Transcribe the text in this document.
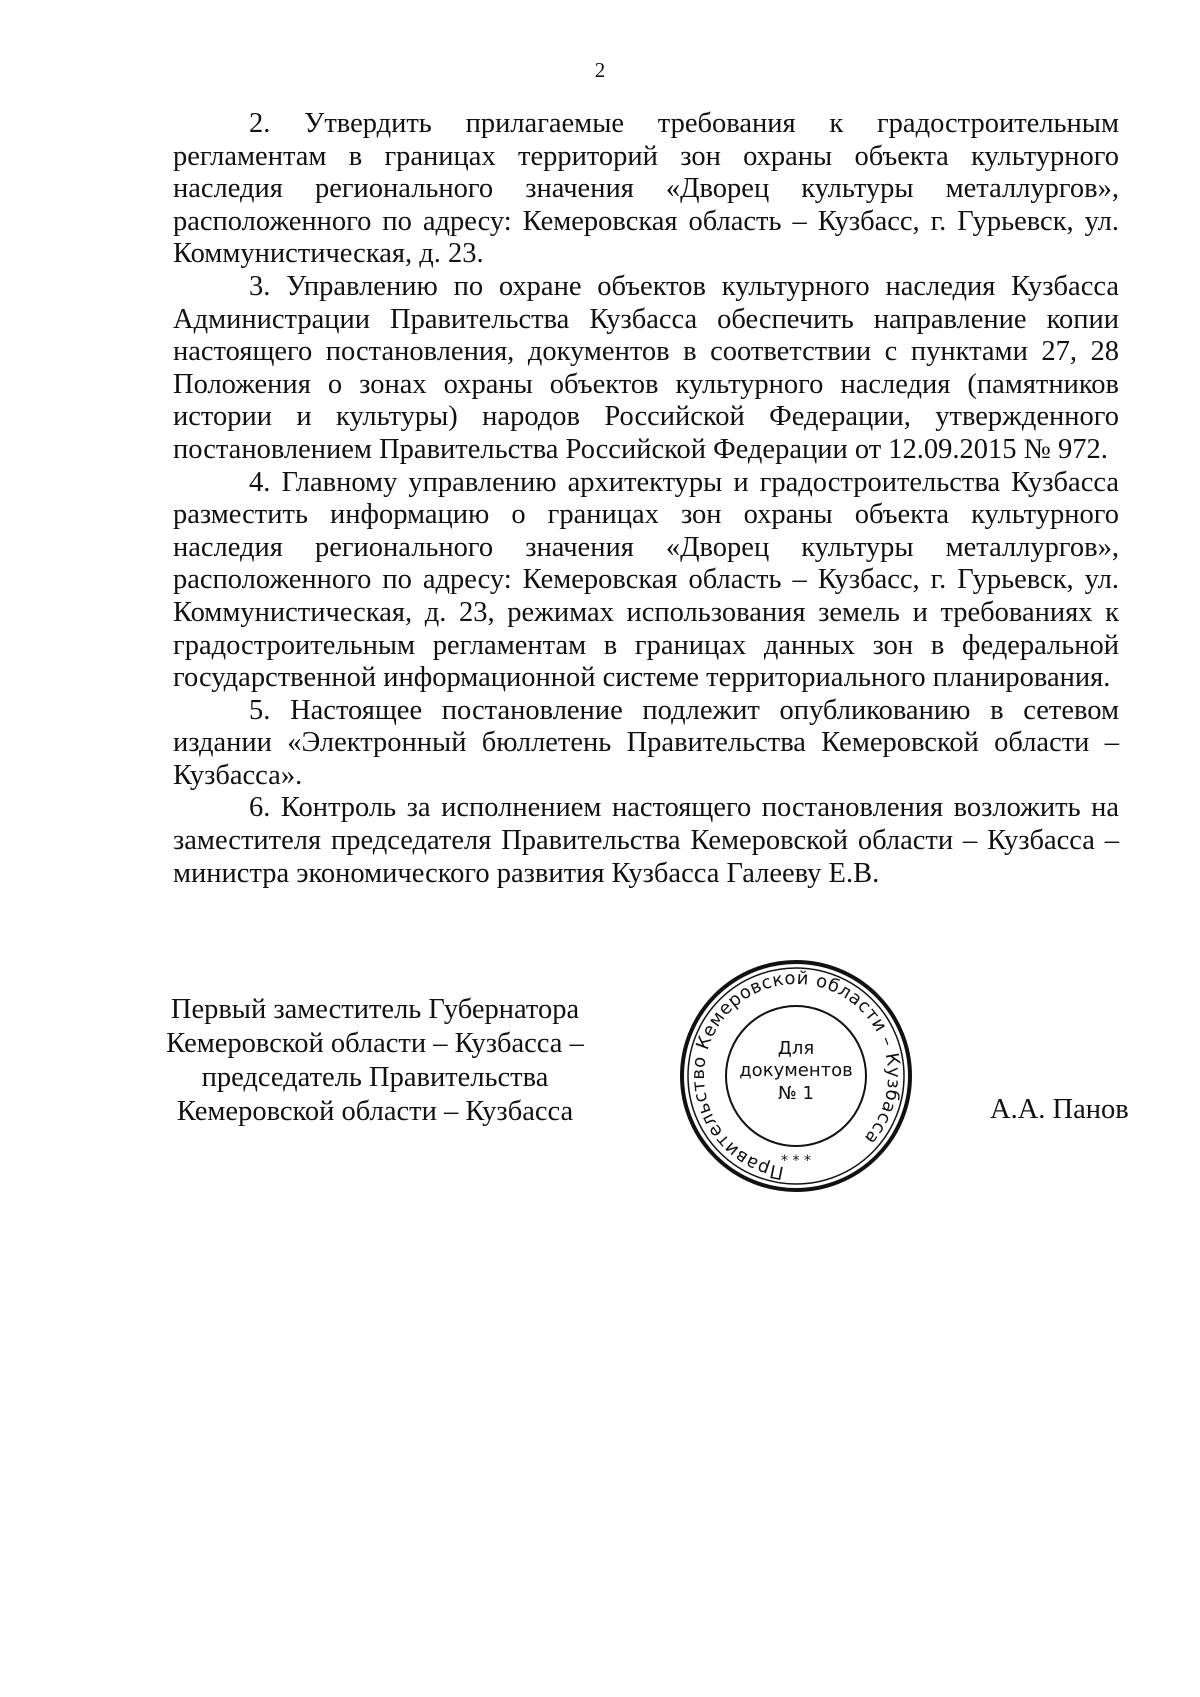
2

2. Утвердить прилагаемые требования к градостроительным регламентам в границах территорий зон охраны объекта культурного наследия регионального значения «Дворец культуры металлургов», расположенного по адресу: Кемеровская область – Кузбасс, г. Гурьевск, ул. Коммунистическая, д. 23.

3. Управлению по охране объектов культурного наследия Кузбасса Администрации Правительства Кузбасса обеспечить направление копии настоящего постановления, документов в соответствии с пунктами 27, 28 Положения о зонах охраны объектов культурного наследия (памятников истории и культуры) народов Российской Федерации, утвержденного постановлением Правительства Российской Федерации от 12.09.2015 № 972.

4. Главному управлению архитектуры и градостроительства Кузбасса разместить информацию о границах зон охраны объекта культурного наследия регионального значения «Дворец культуры металлургов», расположенного по адресу: Кемеровская область – Кузбасс, г. Гурьевск, ул. Коммунистическая, д. 23, режимах использования земель и требованиях к градостроительным регламентам в границах данных зон в федеральной государственной информационной системе территориального планирования.

5. Настоящее постановление подлежит опубликованию в сетевом издании «Электронный бюллетень Правительства Кемеровской области – Кузбасса».

6. Контроль за исполнением настоящего постановления возложить на заместителя председателя Правительства Кемеровской области – Кузбасса – министра экономического развития Кузбасса Галееву Е.В.

Первый заместитель Губернатора
Кемеровской области – Кузбасса –
председатель Правительства
Кемеровской области – Кузбасса
Правительство Кемеровской области – Кузбасса
Для
документов
№ 1
* * *
А.А. Панов
